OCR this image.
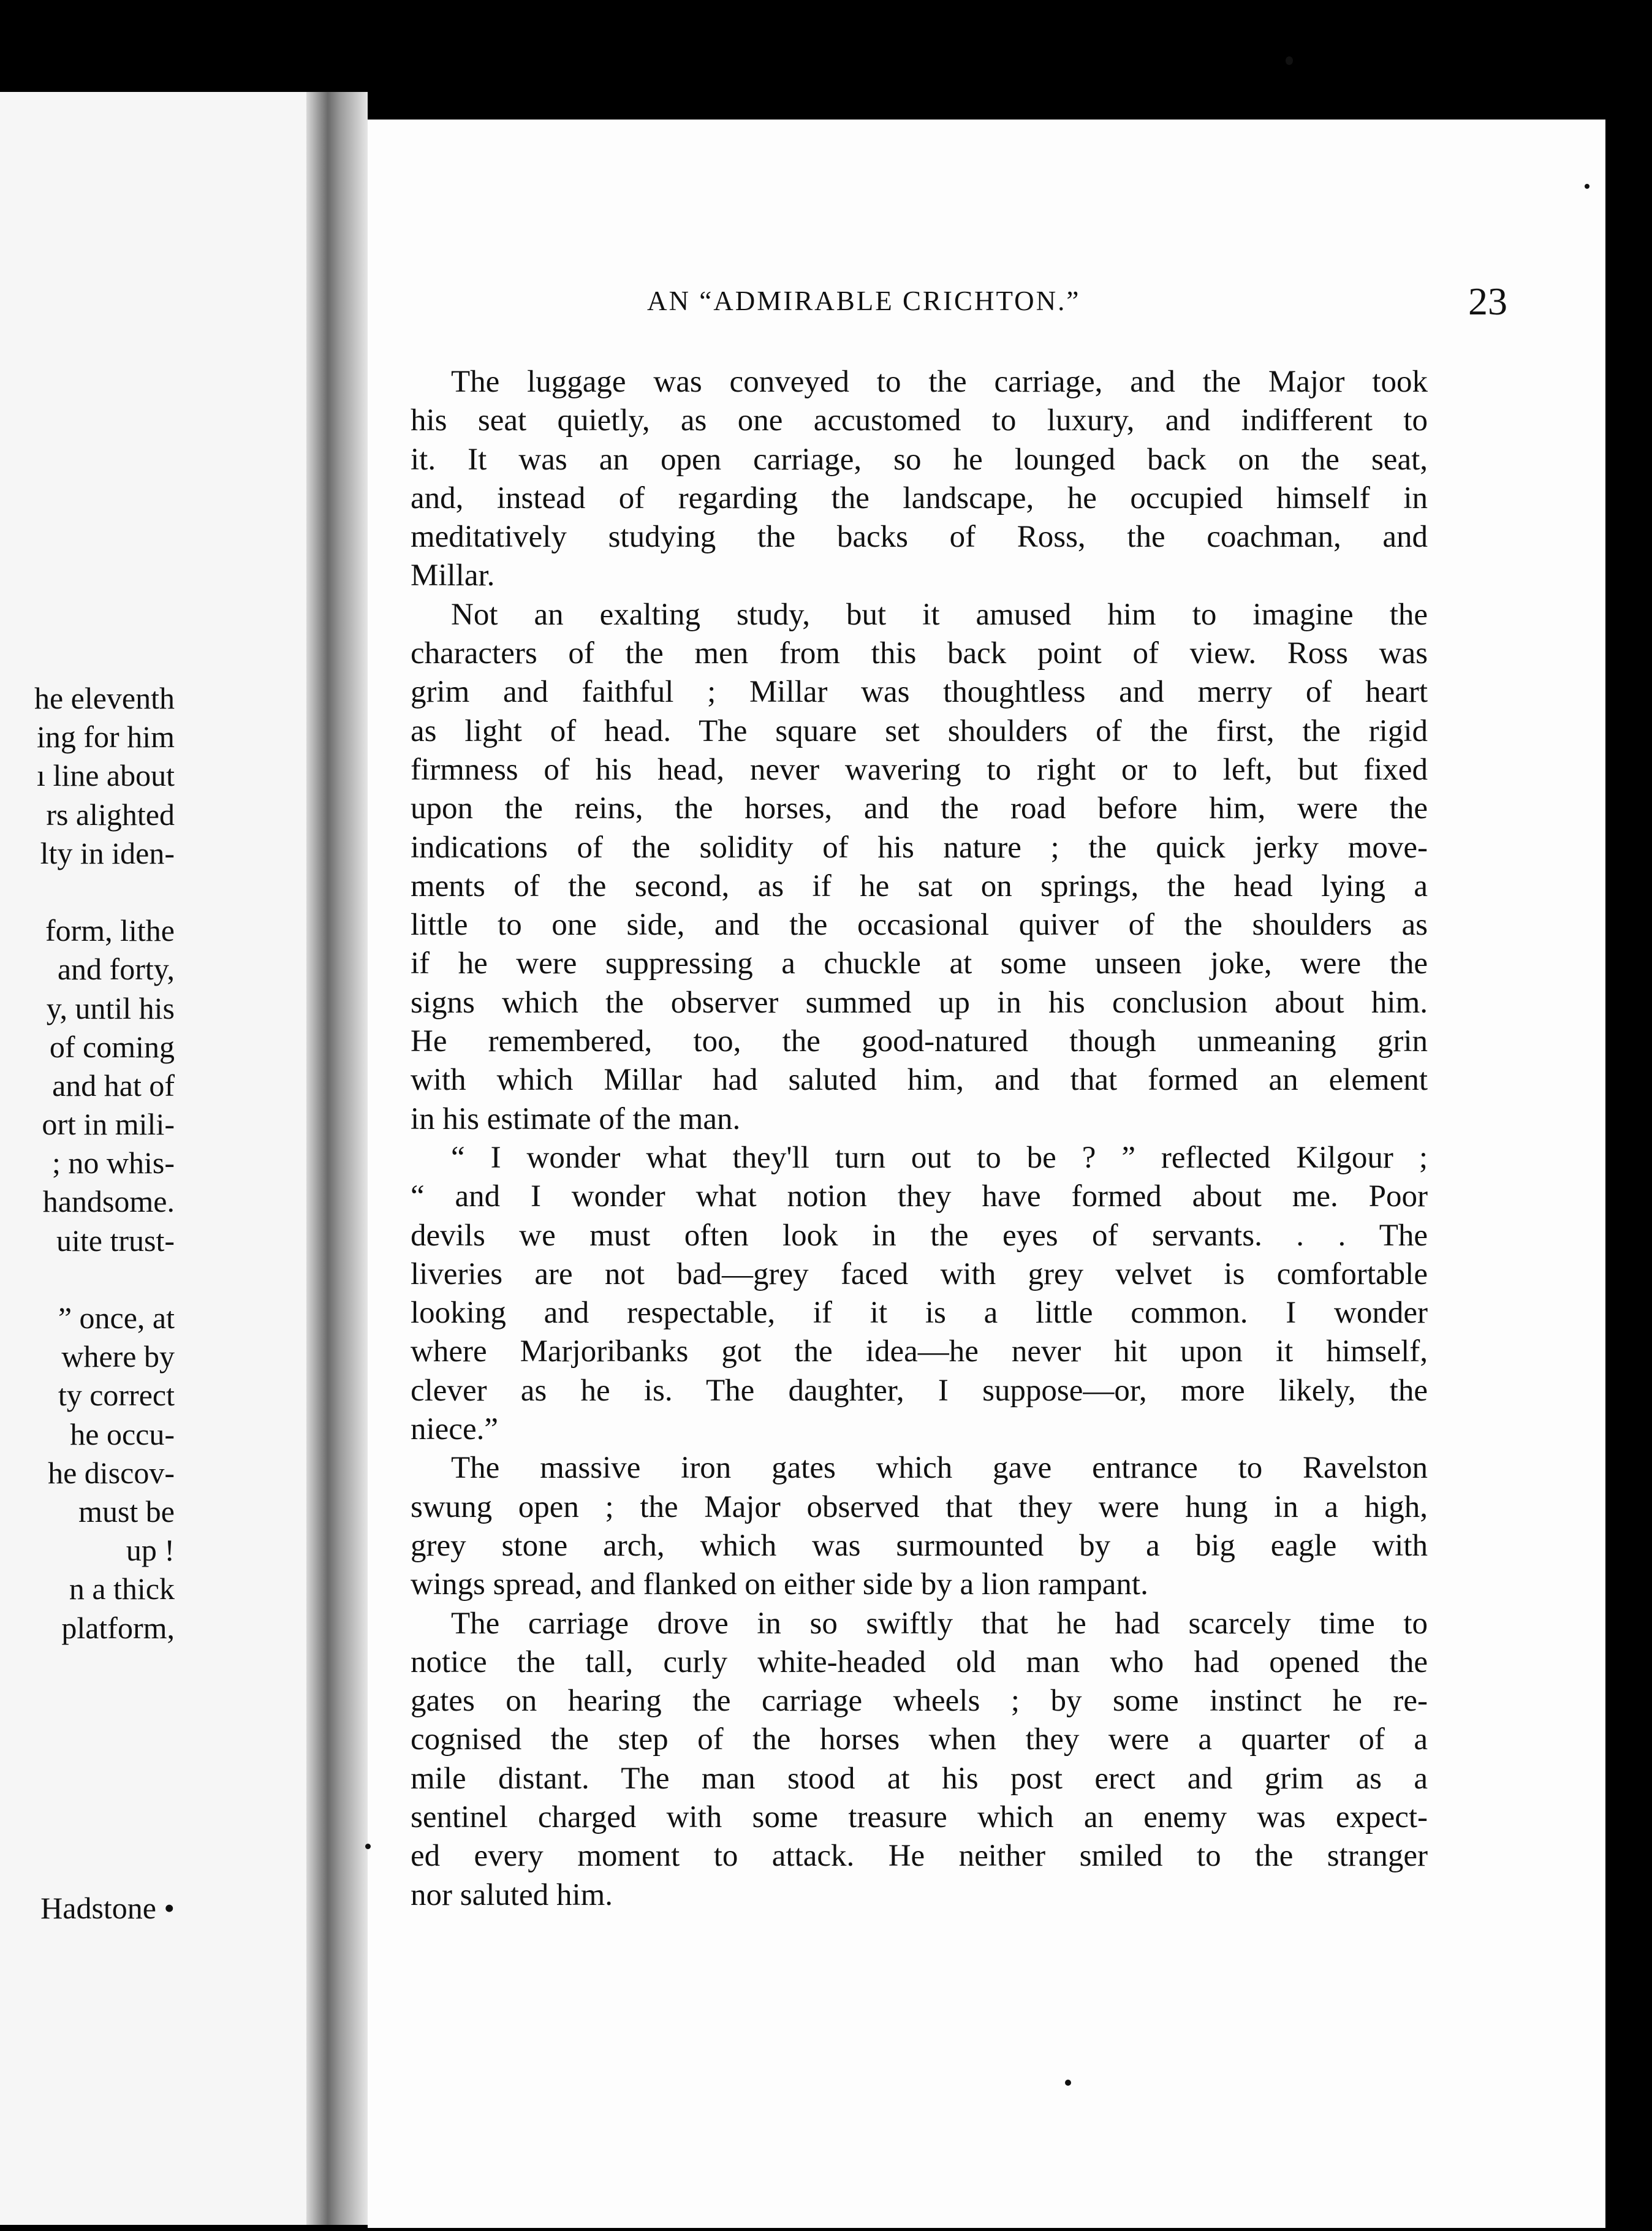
he eleventh
ing for him
ı line about
rs alighted
lty in iden-
form, lithe
and forty,
y, until his
of coming
and hat of
ort in mili-
; no whis-
handsome.
uite trust-
” once, at
where by
ty correct
he occu-
he discov-
must be
up !
n a thick
platform,
Hadstone •
AN “ADMIRABLE CRICHTON.”	23
The luggage was conveyed to the carriage, and the Major took
his seat quietly, as one accustomed to luxury, and indifferent to
it. It was an open carriage, so he lounged back on the seat,
and, instead of regarding the landscape, he occupied himself in
meditatively studying the backs of Ross, the coachman, and
Millar.
Not an exalting study, but it amused him to imagine the
characters of the men from this back point of view. Ross was
grim and faithful ; Millar was thoughtless and merry of heart
as light of head. The square set shoulders of the first, the rigid
firmness of his head, never wavering to right or to left, but fixed
upon the reins, the horses, and the road before him, were the
indications of the solidity of his nature ; the quick jerky move-
ments of the second, as if he sat on springs, the head lying a
little to one side, and the occasional quiver of the shoulders as
if he were suppressing a chuckle at some unseen joke, were the
signs which the observer summed up in his conclusion about him.
He remembered, too, the good-natured though unmeaning grin
with which Millar had saluted him, and that formed an element
in his estimate of the man.
“ I wonder what they'll turn out to be ? ” reflected Kilgour ;
“ and I wonder what notion they have formed about me. Poor
devils we must often look in the eyes of servants. . . The
liveries are not bad—grey faced with grey velvet is comfortable
looking and respectable, if it is a little common. I wonder
where Marjoribanks got the idea—he never hit upon it himself,
clever as he is. The daughter, I suppose—or, more likely, the
niece.”
The massive iron gates which gave entrance to Ravelston
swung open ; the Major observed that they were hung in a high,
grey stone arch, which was surmounted by a big eagle with
wings spread, and flanked on either side by a lion rampant.
The carriage drove in so swiftly that he had scarcely time to
notice the tall, curly white-headed old man who had opened the
gates on hearing the carriage wheels ; by some instinct he re-
cognised the step of the horses when they were a quarter of a
mile distant. The man stood at his post erect and grim as a
sentinel charged with some treasure which an enemy was expect-
ed every moment to attack. He neither smiled to the stranger
nor saluted him.
